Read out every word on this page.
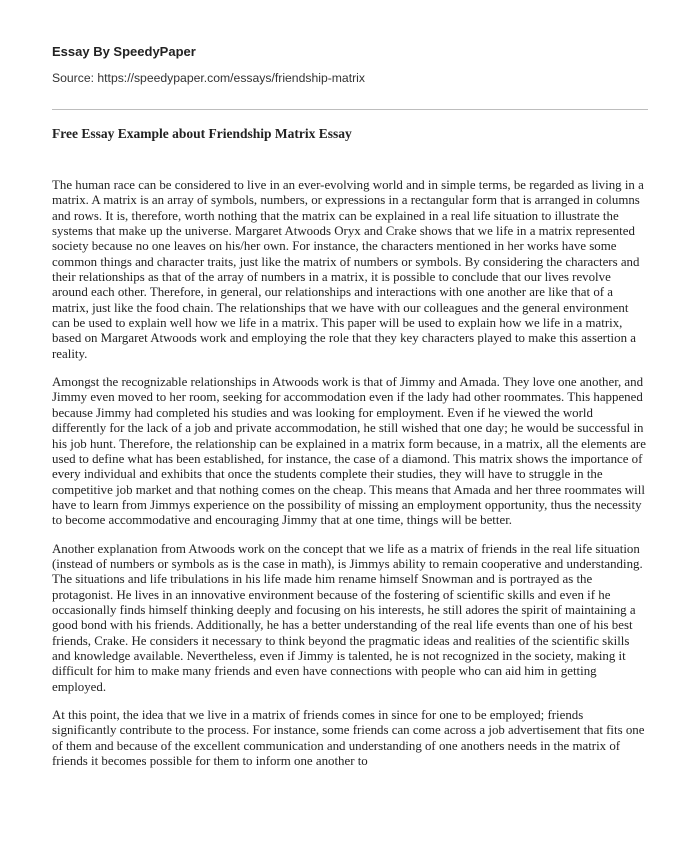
Essay By SpeedyPaper

Source: https://speedypaper.com/essays/friendship-matrix

Free Essay Example about Friendship Matrix Essay

The human race can be considered to live in an ever-evolving world and in simple terms, be regarded as living in a matrix. A matrix is an array of symbols, numbers, or expressions in a rectangular form that is arranged in columns and rows. It is, therefore, worth nothing that the matrix can be explained in a real life situation to illustrate the systems that make up the universe. Margaret Atwoods Oryx and Crake shows that we life in a matrix represented society because no one leaves on his/her own. For instance, the characters mentioned in her works have some common things and character traits, just like the matrix of numbers or symbols. By considering the characters and their relationships as that of the array of numbers in a matrix, it is possible to conclude that our lives revolve around each other. Therefore, in general, our relationships and interactions with one another are like that of a matrix, just like the food chain. The relationships that we have with our colleagues and the general environment can be used to explain well how we life in a matrix. This paper will be used to explain how we life in a matrix, based on Margaret Atwoods work and employing the role that they key characters played to make this assertion a reality.

Amongst the recognizable relationships in Atwoods work is that of Jimmy and Amada. They love one another, and Jimmy even moved to her room, seeking for accommodation even if the lady had other roommates. This happened because Jimmy had completed his studies and was looking for employment. Even if he viewed the world differently for the lack of a job and private accommodation, he still wished that one day; he would be successful in his job hunt. Therefore, the relationship can be explained in a matrix form because, in a matrix, all the elements are used to define what has been established, for instance, the case of a diamond. This matrix shows the importance of every individual and exhibits that once the students complete their studies, they will have to struggle in the competitive job market and that nothing comes on the cheap. This means that Amada and her three roommates will have to learn from Jimmys experience on the possibility of missing an employment opportunity, thus the necessity to become accommodative and encouraging Jimmy that at one time, things will be better.

Another explanation from Atwoods work on the concept that we life as a matrix of friends in the real life situation (instead of numbers or symbols as is the case in math), is Jimmys ability to remain cooperative and understanding. The situations and life tribulations in his life made him rename himself Snowman and is portrayed as the protagonist. He lives in an innovative environment because of the fostering of scientific skills and even if he occasionally finds himself thinking deeply and focusing on his interests, he still adores the spirit of maintaining a good bond with his friends. Additionally, he has a better understanding of the real life events than one of his best friends, Crake. He considers it necessary to think beyond the pragmatic ideas and realities of the scientific skills and knowledge available. Nevertheless, even if Jimmy is talented, he is not recognized in the society, making it difficult for him to make many friends and even have connections with people who can aid him in getting employed.

At this point, the idea that we live in a matrix of friends comes in since for one to be employed; friends significantly contribute to the process. For instance, some friends can come across a job advertisement that fits one of them and because of the excellent communication and understanding of one anothers needs in the matrix of friends it becomes possible for them to inform one another to
